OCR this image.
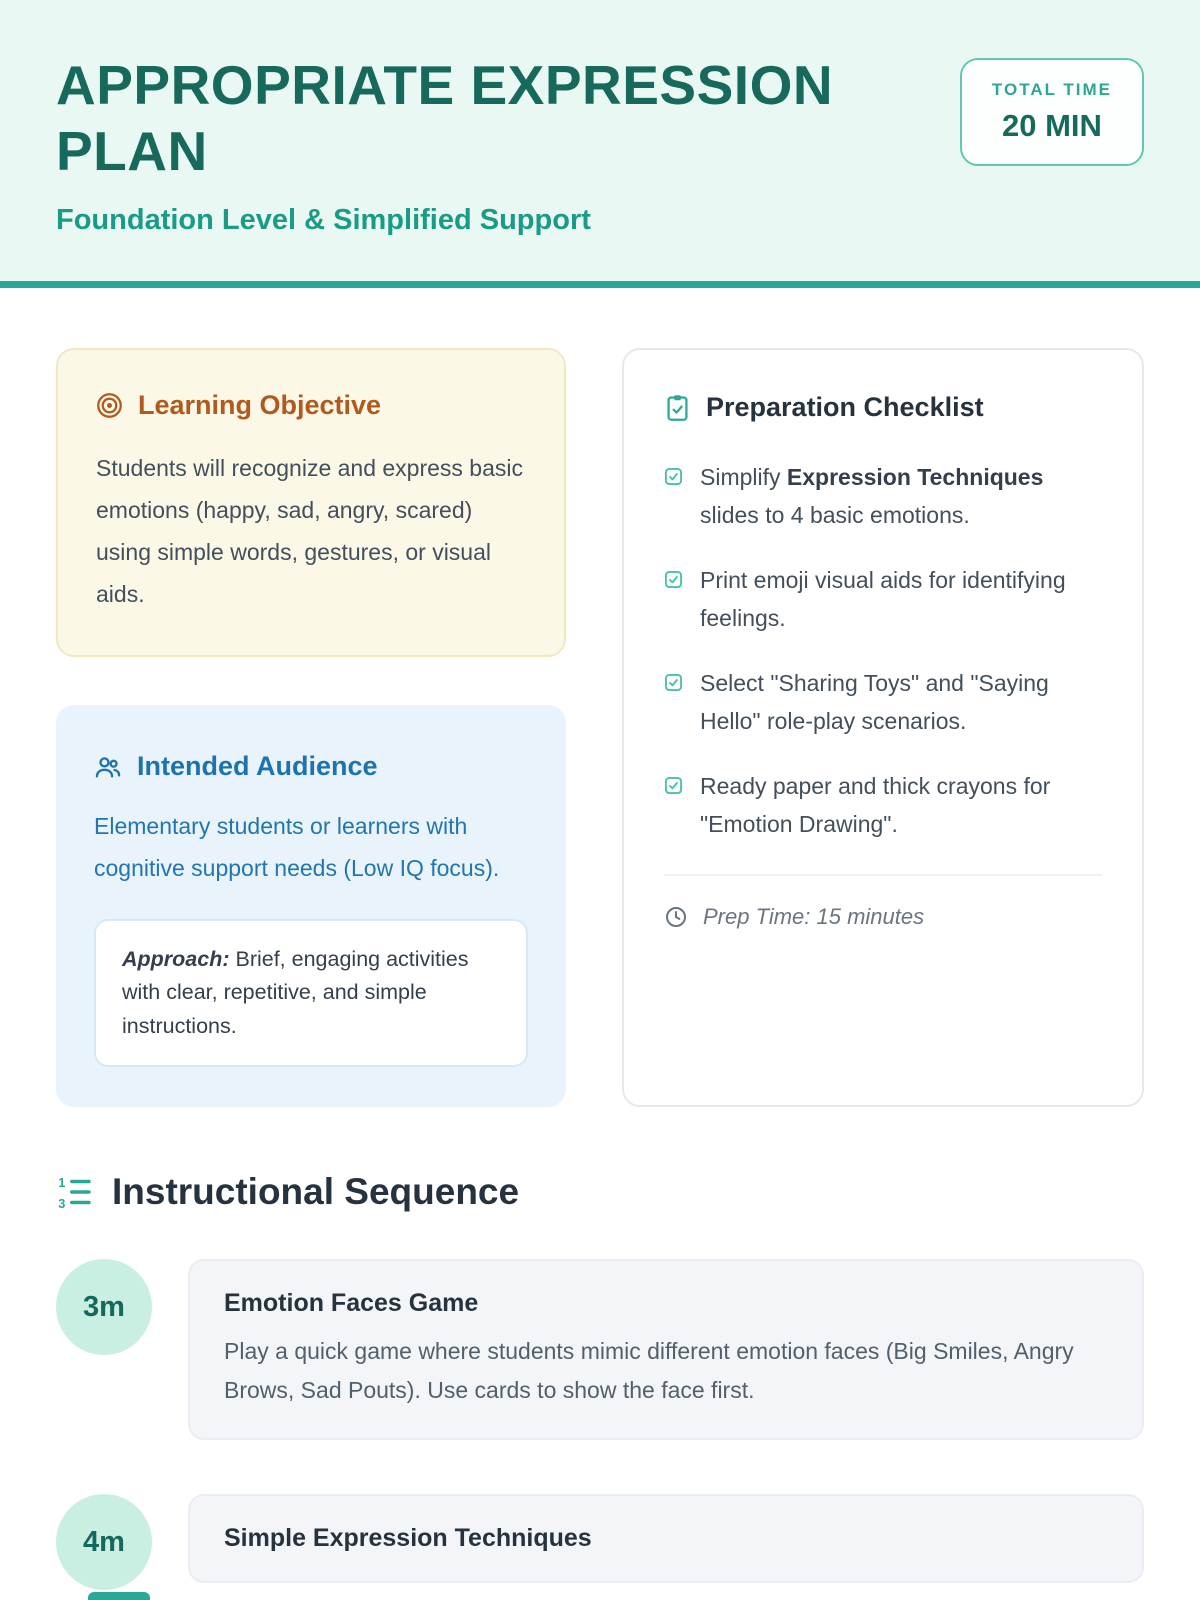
APPROPRIATE EXPRESSION PLAN

Foundation Level & Simplified Support

TOTAL TIME
20 MIN
Learning Objective

Students will recognize and express basic emotions (happy, sad, angry, scared) using simple words, gestures, or visual aids.

Intended Audience

Elementary students or learners with cognitive support needs (Low IQ focus).

Approach: Brief, engaging activities with clear, repetitive, and simple instructions.

Preparation Checklist
Simplify Expression Techniques slides to 4 basic emotions.
Print emoji visual aids for identifying feelings.
Select "Sharing Toys" and "Saying Hello" role-play scenarios.
Ready paper and thick crayons for "Emotion Drawing".
Prep Time: 15 minutes
1
3 Instructional Sequence
3m	Emotion Faces Game

Play a quick game where students mimic different emotion faces (Big Smiles, Angry Brows, Sad Pouts). Use cards to show the face first.

4m	Simple Expression Techniques
